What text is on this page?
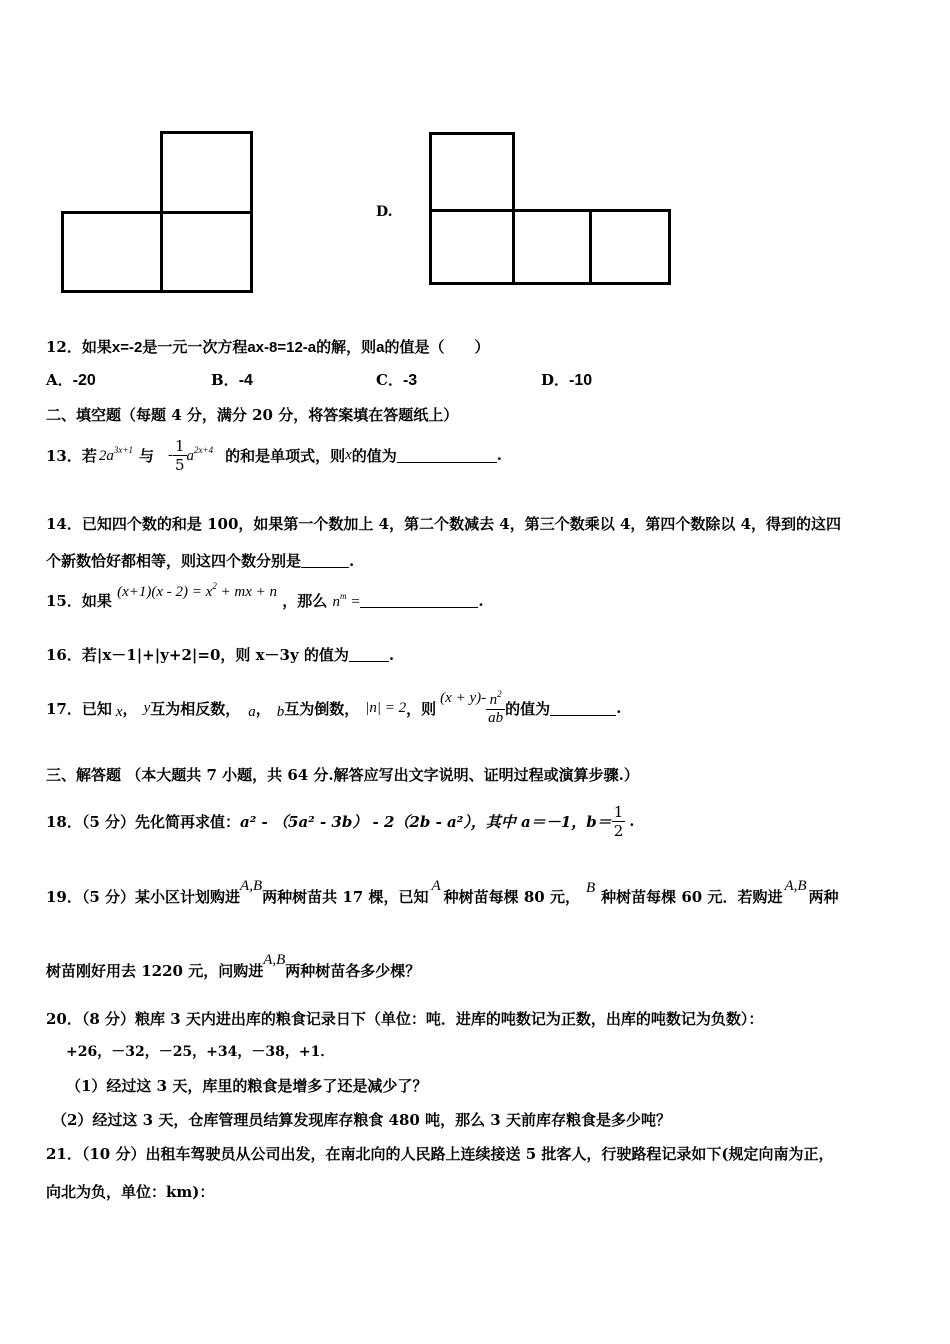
D.
12．如果x=-2是一元一次方程ax-8=12-a的解，则a的值是（　　）
A．-20	B．-4	C．-3	D．-10
二、填空题（每题 4 分，满分 20 分，将答案填在答题纸上）
13．若 $2a^{3x+1}$ 与 - $\frac{1}{5} a^{2x+4}$ 的和是单项式，则 x 的值为	.
14．已知四个数的和是 100，如果第一个数加上 4，第二个数减去 4，第三个数乘以 4，第四个数除以 4，得到的这四
个新数恰好都相等，则这四个数分别是	.
15．如果 $(x+1)(x - 2) = x^2$ + mx + n ，那么 $n^m$ =	.
16．若|x－1|+|y+2|=0，则 x－3y 的值为	.
17．已知 x ， y 互为相反数， a ， b 互为倒数， |n| = 2 ，则
$(x + y)- \frac{n^2}{ab}$ 的值为	.
三、解答题 （本大题共 7 小题，共 64 分.解答应写出文字说明、证明过程或演算步骤.）
18．（5 分）先化简再求值： a² - （5a² - 3b） - 2（2b - a²），其中 a＝－1，$b= \frac{1}{2}$ .
19．（5 分）某小区计划购进A,B两种树苗共 17 棵，已知A种树苗每棵 80 元， B 种树苗每棵 60 元．若购进A,B两种
树苗刚好用去 1220 元，问购进A,B两种树苗各多少棵？
20．（8 分）粮库 3 天内进出库的粮食记录日下（单位：吨．进库的吨数记为正数，出库的吨数记为负数）：
+26，－32，－25，+34，－38，+1．
（1）经过这 3 天，库里的粮食是增多了还是减少了？
（2）经过这 3 天，仓库管理员结算发现库存粮食 480 吨，那么 3 天前库存粮食是多少吨？
21．（10 分）出租车驾驶员从公司出发，在南北向的人民路上连续接送 5 批客人，行驶路程记录如下(规定向南为正，
向北为负，单位：km)：
